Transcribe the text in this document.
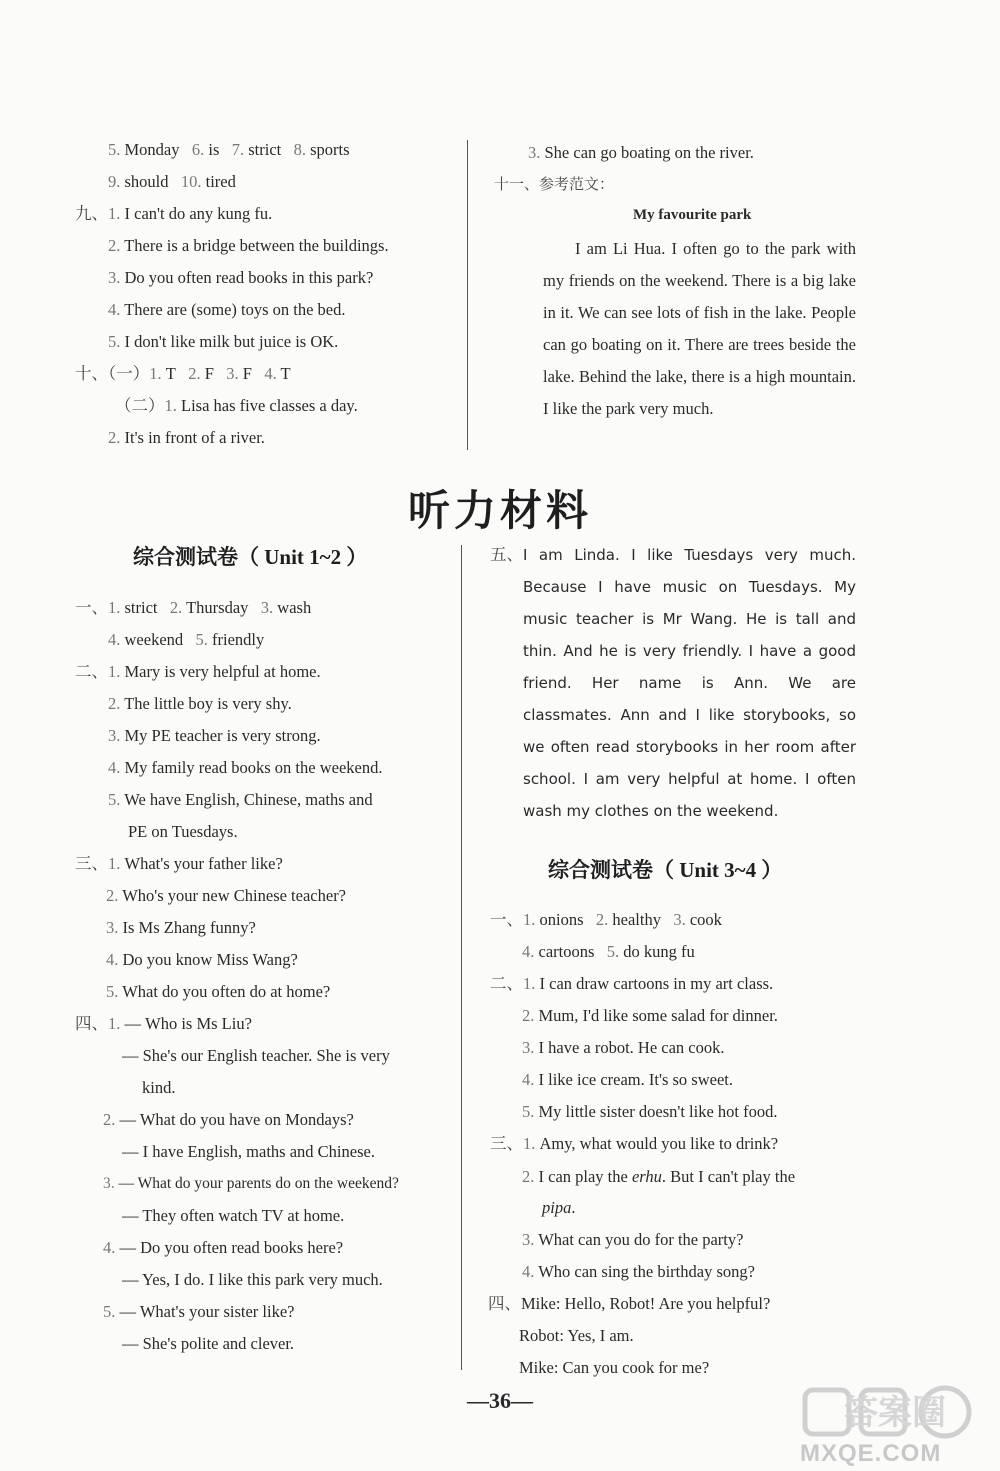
5. Monday 6. is 7. strict 8. sports
9. should 10. tired
九、1. I can't do any kung fu.
2. There is a bridge between the buildings.
3. Do you often read books in this park?
4. There are (some) toys on the bed.
5. I don't like milk but juice is OK.
十、（一）1. T 2. F 3. F 4. T
（二）1. Lisa has five classes a day.
2. It's in front of a river.
3. She can go boating on the river.
十一、参考范文：
My favourite park
I am Li Hua. I often go to the park with my friends on the weekend. There is a big lake in it. We can see lots of fish in the lake. People can go boating on it. There are trees beside the lake. Behind the lake, there is a high mountain. I like the park very much.
听力材料
综合测试卷（ Unit 1~2 ）
一、1. strict 2. Thursday 3. wash
4. weekend 5. friendly
二、1. Mary is very helpful at home.
2. The little boy is very shy.
3. My PE teacher is very strong.
4. My family read books on the weekend.
5. We have English, Chinese, maths and
PE on Tuesdays.
三、1. What's your father like?
2. Who's your new Chinese teacher?
3. Is Ms Zhang funny?
4. Do you know Miss Wang?
5. What do you often do at home?
四、1. — Who is Ms Liu?
— She's our English teacher. She is very
kind.
2. — What do you have on Mondays?
— I have English, maths and Chinese.
3. — What do your parents do on the weekend?
— They often watch TV at home.
4. — Do you often read books here?
— Yes, I do. I like this park very much.
5. — What's your sister like?
— She's polite and clever.
五、 I am Linda. I like Tuesdays very much. Because I have music on Tuesdays. My music teacher is Mr Wang. He is tall and thin. And he is very friendly. I have a good friend. Her name is Ann. We are classmates. Ann and I like storybooks, so we often read storybooks in her room after school. I am very helpful at home. I often wash my clothes on the weekend.
综合测试卷（ Unit 3~4 ）
一、1. onions 2. healthy 3. cook
4. cartoons 5. do kung fu
二、1. I can draw cartoons in my art class.
2. Mum, I'd like some salad for dinner.
3. I have a robot. He can cook.
4. I like ice cream. It's so sweet.
5. My little sister doesn't like hot food.
三、1. Amy, what would you like to drink?
2. I can play the erhu. But I can't play the
pipa.
3. What can you do for the party?
4. Who can sing the birthday song?
四、Mike: Hello, Robot! Are you helpful?
Robot: Yes, I am.
Mike: Can you cook for me?
—36—	答案圈
MXQE.COM
